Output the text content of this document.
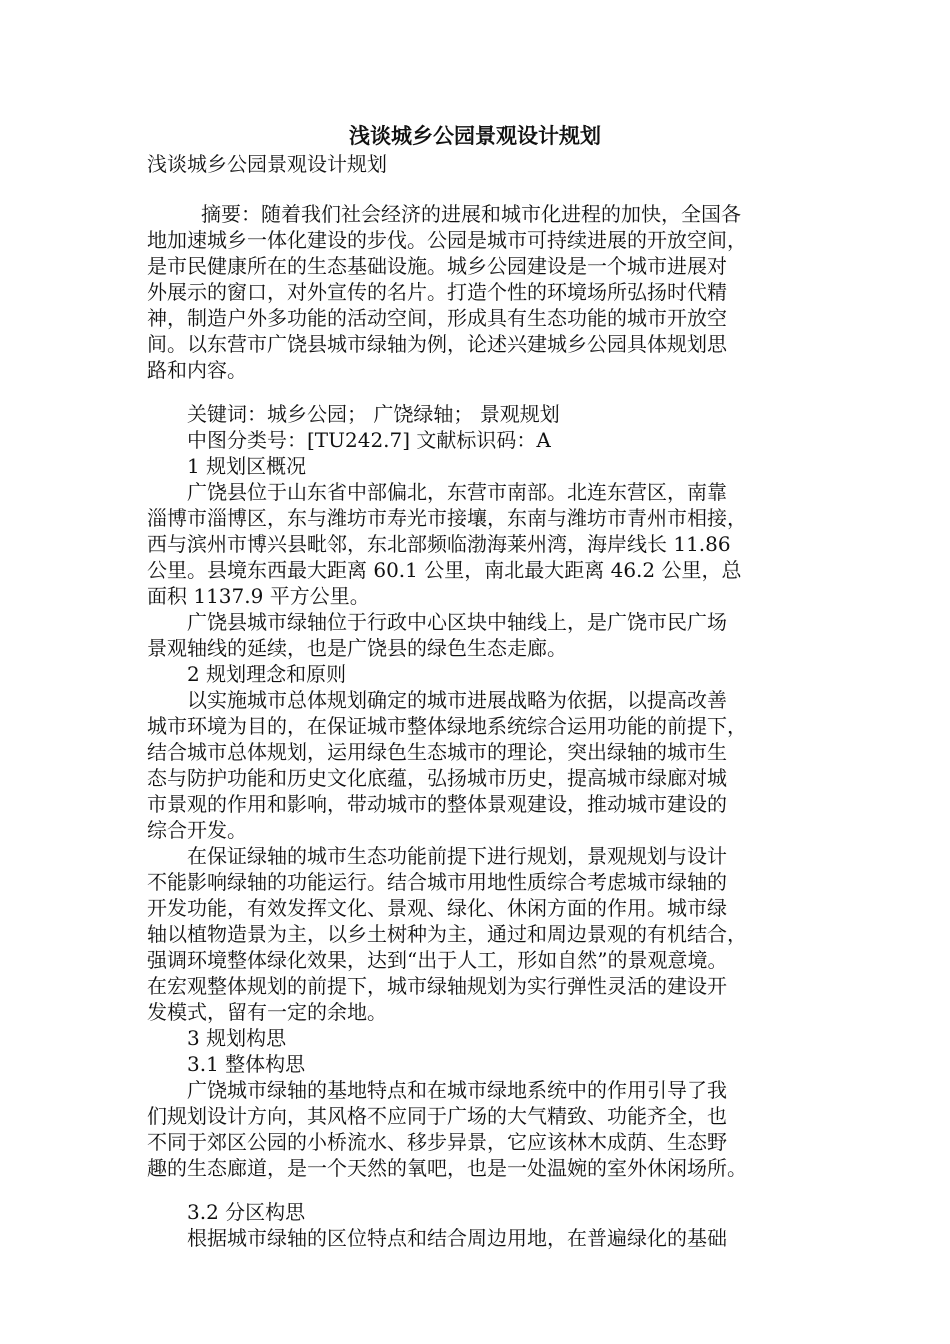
浅谈城乡公园景观设计规划
浅谈城乡公园景观设计规划
摘要：随着我们社会经济的进展和城市化进程的加快，全国各
地加速城乡一体化建设的步伐。公园是城市可持续进展的开放空间，
是市民健康所在的生态基础设施。城乡公园建设是一个城市进展对
外展示的窗口，对外宣传的名片。打造个性的环境场所弘扬时代精
神，制造户外多功能的活动空间，形成具有生态功能的城市开放空
间。以东营市广饶县城市绿轴为例，论述兴建城乡公园具体规划思
路和内容。
关键词：城乡公园； 广饶绿轴； 景观规划
中图分类号：[TU242.7] 文献标识码：A
1 规划区概况
广饶县位于山东省中部偏北，东营市南部。北连东营区，南靠
淄博市淄博区，东与潍坊市寿光市接壤，东南与潍坊市青州市相接，
西与滨州市博兴县毗邻，东北部频临渤海莱州湾，海岸线长 11.86
公里。县境东西最大距离 60.1 公里，南北最大距离 46.2 公里，总
面积 1137.9 平方公里。
广饶县城市绿轴位于行政中心区块中轴线上，是广饶市民广场
景观轴线的延续，也是广饶县的绿色生态走廊。
2 规划理念和原则
以实施城市总体规划确定的城市进展战略为依据，以提高改善
城市环境为目的，在保证城市整体绿地系统综合运用功能的前提下，
结合城市总体规划，运用绿色生态城市的理论，突出绿轴的城市生
态与防护功能和历史文化底蕴，弘扬城市历史，提高城市绿廊对城
市景观的作用和影响，带动城市的整体景观建设，推动城市建设的
综合开发。
在保证绿轴的城市生态功能前提下进行规划，景观规划与设计
不能影响绿轴的功能运行。结合城市用地性质综合考虑城市绿轴的
开发功能，有效发挥文化、景观、绿化、休闲方面的作用。城市绿
轴以植物造景为主，以乡土树种为主，通过和周边景观的有机结合，
强调环境整体绿化效果，达到“出于人工，形如自然”的景观意境。
在宏观整体规划的前提下，城市绿轴规划为实行弹性灵活的建设开
发模式，留有一定的余地。
3 规划构思
3.1 整体构思
广饶城市绿轴的基地特点和在城市绿地系统中的作用引导了我
们规划设计方向，其风格不应同于广场的大气精致、功能齐全，也
不同于郊区公园的小桥流水、移步异景，它应该林木成荫、生态野
趣的生态廊道，是一个天然的氧吧，也是一处温婉的室外休闲场所。
3.2 分区构思
根据城市绿轴的区位特点和结合周边用地，在普遍绿化的基础
